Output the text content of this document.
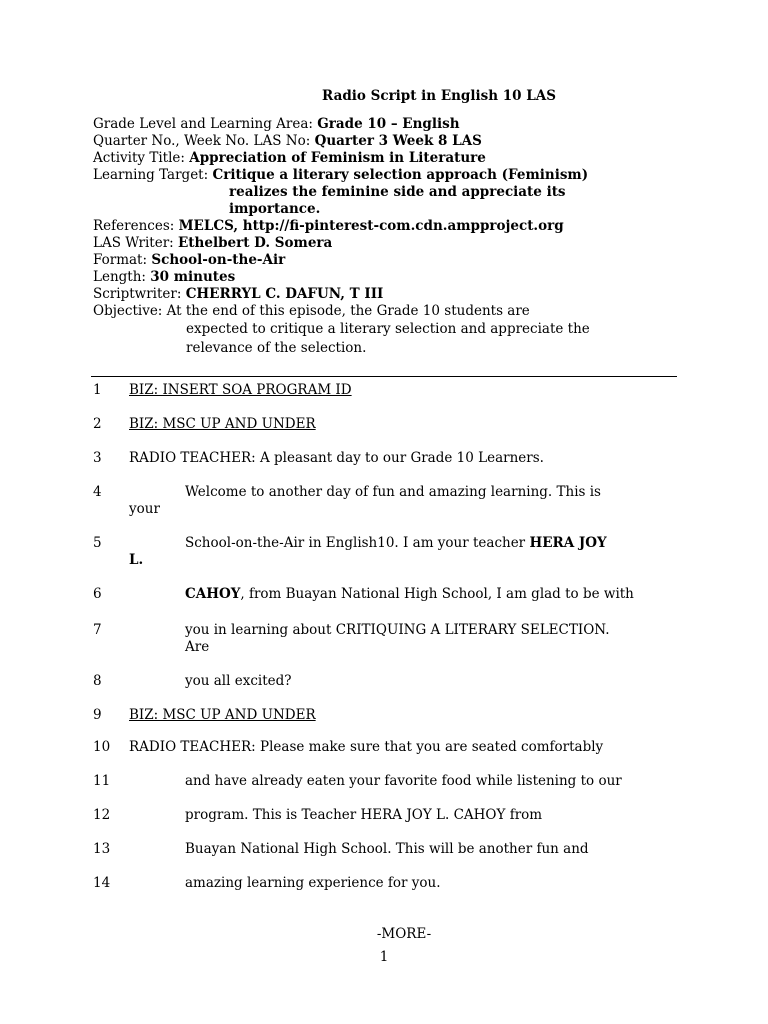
Radio Script in English 10 LAS
Grade Level and Learning Area: Grade 10 – English
Quarter No., Week No. LAS No: Quarter 3 Week 8 LAS
Activity Title: Appreciation of Feminism in Literature
Learning Target: Critique a literary selection approach (Feminism)
realizes the feminine side and appreciate its
importance.
References: MELCS, http://fi-pinterest-com.cdn.ampproject.org
LAS Writer: Ethelbert D. Somera
Format: School-on-the-Air
Length: 30 minutes
Scriptwriter: CHERRYL C. DAFUN, T III
Objective: At the end of this episode, the Grade 10 students are
expected to critique a literary selection and appreciate the
relevance of the selection.
1	BIZ: INSERT SOA PROGRAM ID
2	BIZ: MSC UP AND UNDER
3	RADIO TEACHER: A pleasant day to our Grade 10 Learners.
4	Welcome to another day of fun and amazing learning. This is
your
5	School-on-the-Air in English10. I am your teacher HERA JOY
L.
6	CAHOY, from Buayan National High School, I am glad to be with
7	you in learning about CRITIQUING A LITERARY SELECTION.
Are
8	you all excited?
9	BIZ: MSC UP AND UNDER
10	RADIO TEACHER: Please make sure that you are seated comfortably
11	and have already eaten your favorite food while listening to our
12	program. This is Teacher HERA JOY L. CAHOY from
13	Buayan National High School. This will be another fun and
14	amazing learning experience for you.
-MORE-
1
